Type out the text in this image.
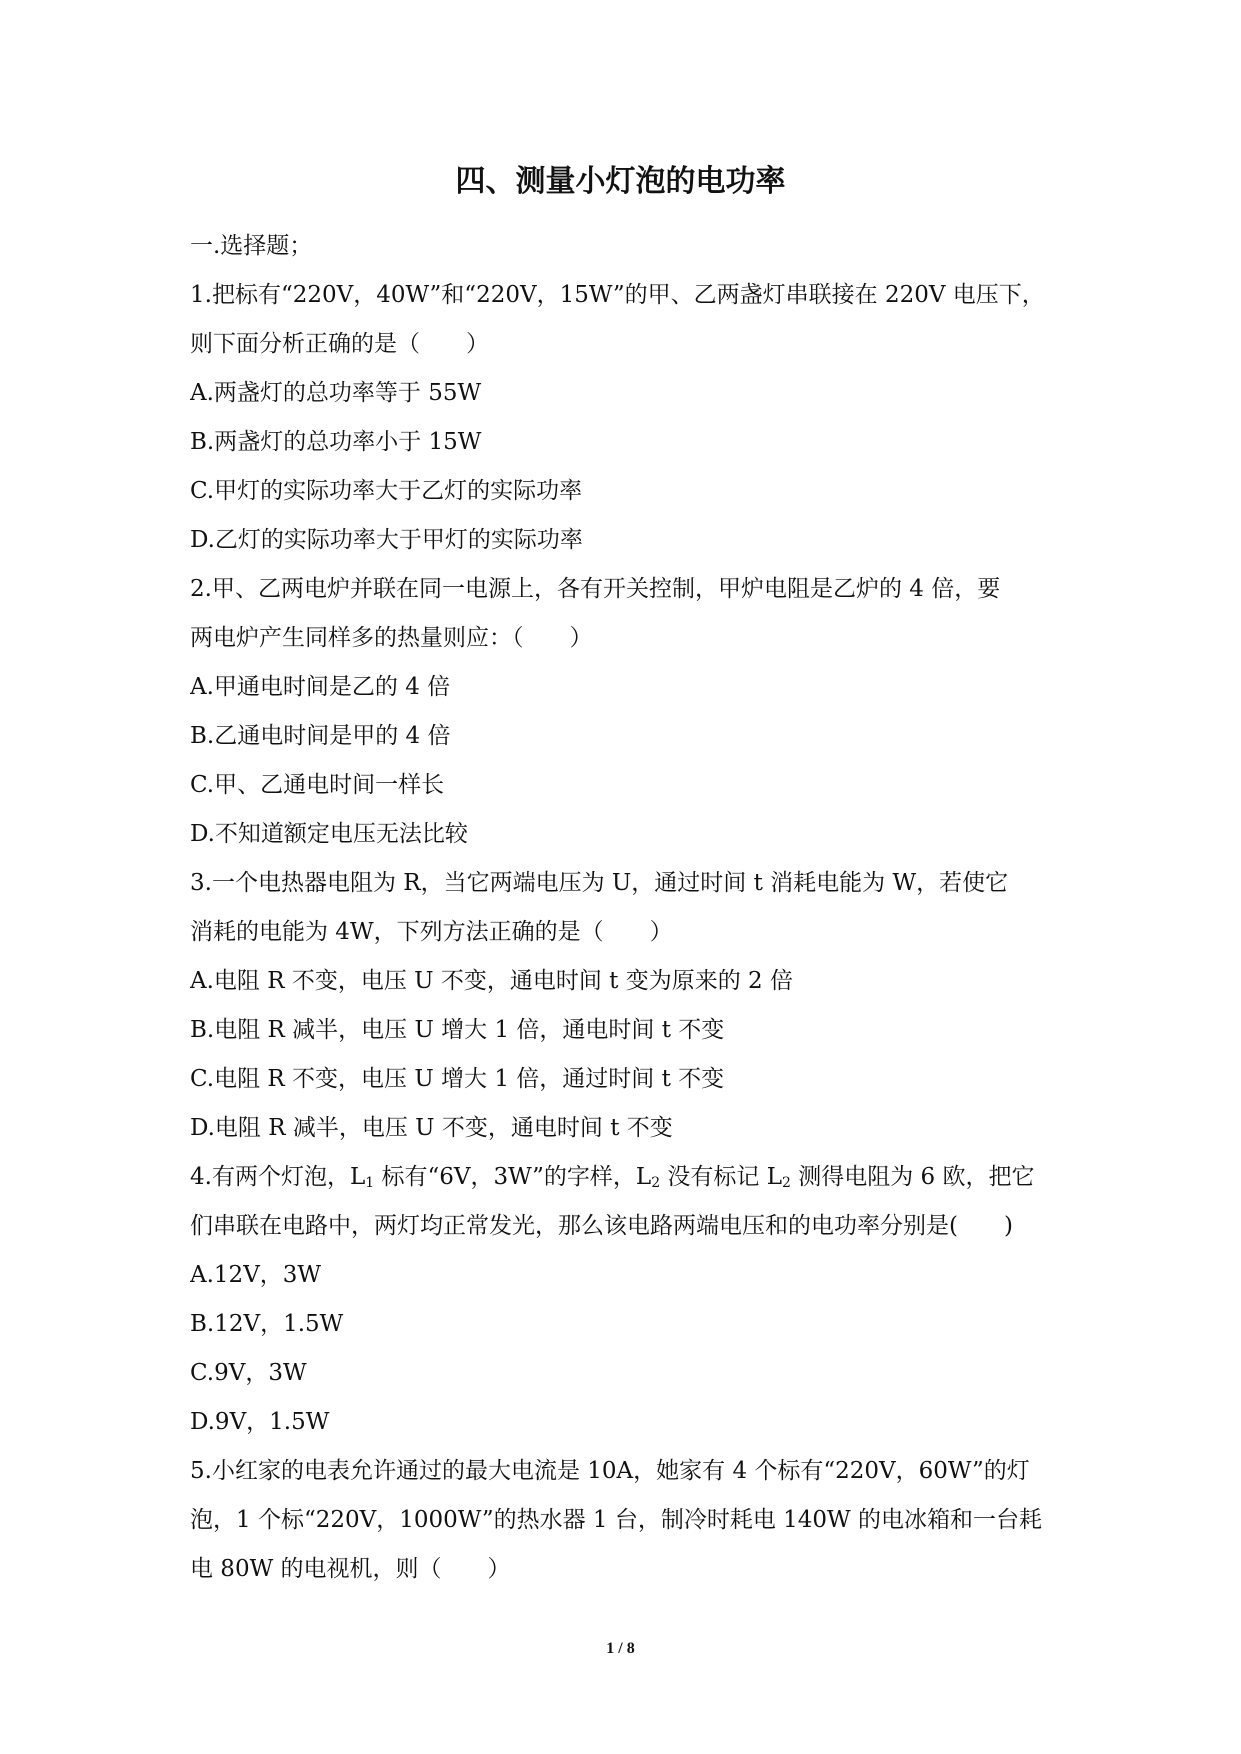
四、测量小灯泡的电功率
一.选择题；
1.把标有“220V，40W”和“220V，15W”的甲、乙两盏灯串联接在 220V 电压下，
则下面分析正确的是（　　）
A.两盏灯的总功率等于 55W
B.两盏灯的总功率小于 15W
C.甲灯的实际功率大于乙灯的实际功率
D.乙灯的实际功率大于甲灯的实际功率
2.甲、乙两电炉并联在同一电源上，各有开关控制，甲炉电阻是乙炉的 4 倍，要
两电炉产生同样多的热量则应：（　　）
A.甲通电时间是乙的 4 倍
B.乙通电时间是甲的 4 倍
C.甲、乙通电时间一样长
D.不知道额定电压无法比较
3.一个电热器电阻为 R，当它两端电压为 U，通过时间 t 消耗电能为 W，若使它
消耗的电能为 4W，下列方法正确的是（　　）
A.电阻 R 不变，电压 U 不变，通电时间 t 变为原来的 2 倍
B.电阻 R 减半，电压 U 增大 1 倍，通电时间 t 不变
C.电阻 R 不变，电压 U 增大 1 倍，通过时间 t 不变
D.电阻 R 减半，电压 U 不变，通电时间 t 不变
4.有两个灯泡，$L_1$ 标有“6V，3W”的字样，$L_2$ 没有标记 $L_2$ 测得电阻为 6 欧，把它
们串联在电路中，两灯均正常发光，那么该电路两端电压和的电功率分别是(　　)
A.12V，3W
B.12V，1.5W
C.9V，3W
D.9V，1.5W
5.小红家的电表允许通过的最大电流是 10A，她家有 4 个标有“220V，60W”的灯
泡，1 个标“220V，1000W”的热水器 1 台，制冷时耗电 140W 的电冰箱和一台耗
电 80W 的电视机，则（　　）
1 / 8
